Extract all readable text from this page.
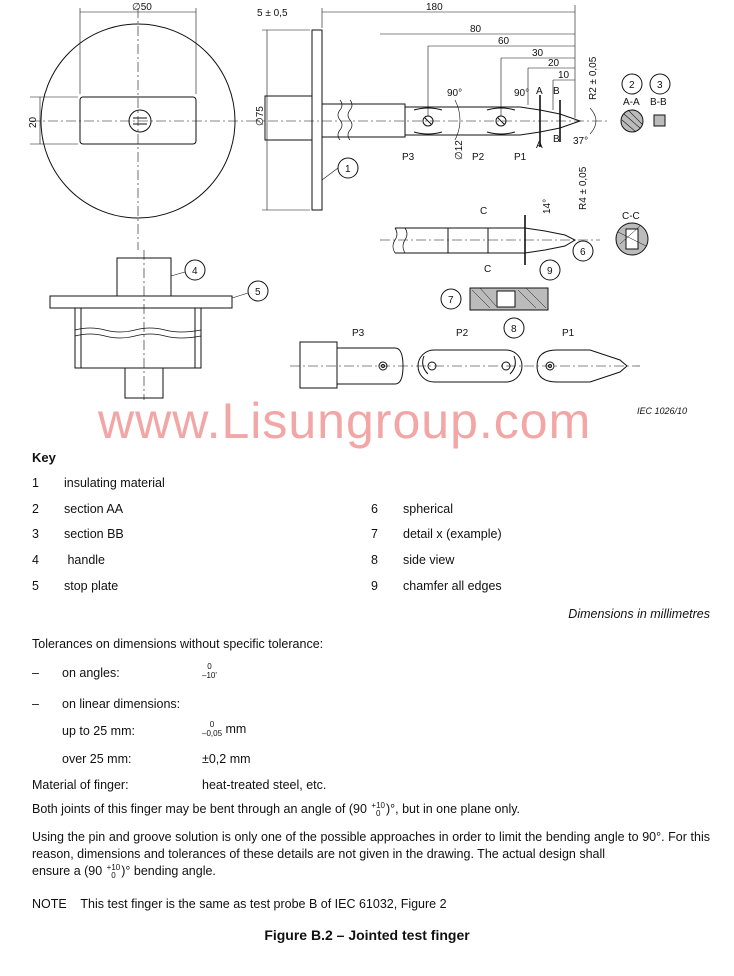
∅50
20	∅75
5 ± 0,5
180
80
60
30
20
10 R2 ± 0,05
90°	90°
37°
∅12
R4 ± 0,05
14°
A
A
B
B
C
C
P1
P2
P3
P3	P2	P1
A-A B-B
C-C
1
2 3
4
5
6
7
8
9
IEC 1026/10
www.Lisungroup.com
Key
1 insulating material
2 section AA
3 section BB
4 handle
5 stop plate
6 spherical
7 detail x (example)
8 side view
9 chamfer all edges
Dimensions in millimetres
Tolerances on dimensions without specific tolerance:
– on angles:	0
–10'
– on linear dimensions:
up to 25 mm:	0
–0,05 mm
over 25 mm:	±0,2 mm
Material of finger:	heat-treated steel, etc.
Both joints of this finger may be bent through an angle of (90 +10
0 )°, but in one plane only.
Using the pin and groove solution is only one of the possible approaches in order to limit the bending angle to 90°. For this reason, dimensions and tolerances of these details are not given in the drawing. The actual design shall
ensure a (90 +10
0 )° bending angle.
NOTE    This test finger is the same as test probe B of IEC 61032, Figure 2
Figure B.2 – Jointed test finger
